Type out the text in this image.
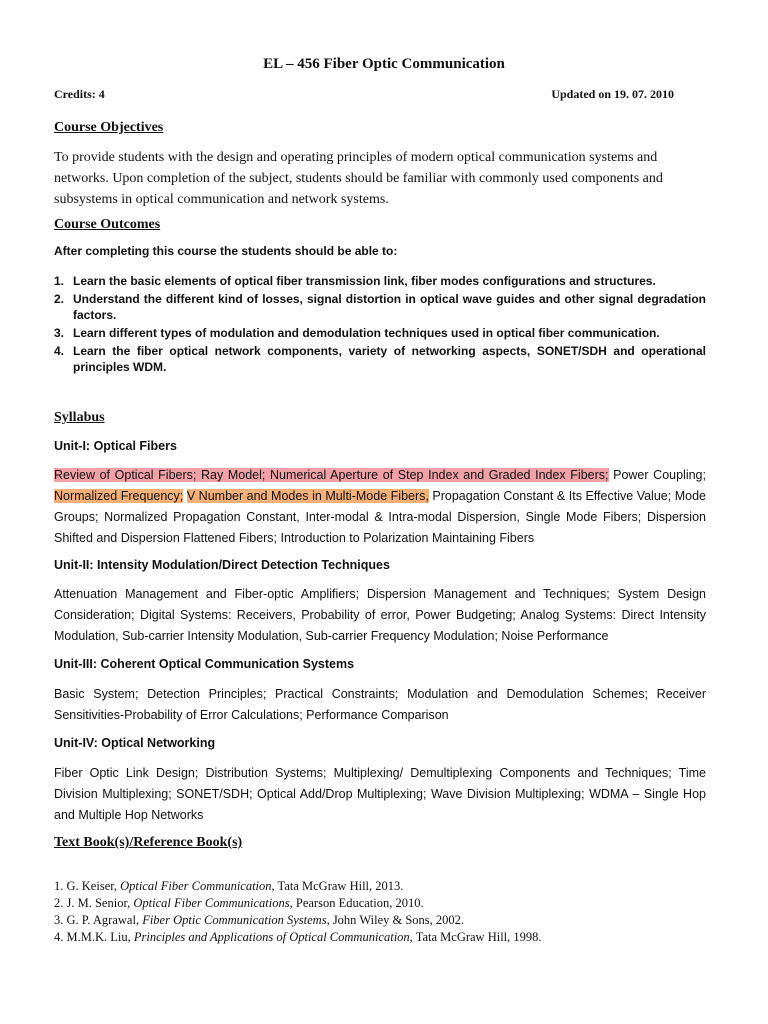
EL – 456 Fiber Optic Communication
Credits: 4	Updated on 19. 07. 2010
Course Objectives
To provide students with the design and operating principles of modern optical communication systems and networks. Upon completion of the subject, students should be familiar with commonly used components and subsystems in optical communication and network systems.
Course Outcomes
After completing this course the students should be able to:
1. Learn the basic elements of optical fiber transmission link, fiber modes configurations and structures.
2. Understand the different kind of losses, signal distortion in optical wave guides and other signal degradation factors.
3. Learn different types of modulation and demodulation techniques used in optical fiber communication.
4. Learn the fiber optical network components, variety of networking aspects, SONET/SDH and operational principles WDM.
Syllabus
Unit-I: Optical Fibers
Review of Optical Fibers; Ray Model; Numerical Aperture of Step Index and Graded Index Fibers; Power Coupling; Normalized Frequency; V Number and Modes in Multi-Mode Fibers, Propagation Constant & Its Effective Value; Mode Groups; Normalized Propagation Constant, Inter-modal & Intra-modal Dispersion, Single Mode Fibers; Dispersion Shifted and Dispersion Flattened Fibers; Introduction to Polarization Maintaining Fibers
Unit-II: Intensity Modulation/Direct Detection Techniques
Attenuation Management and Fiber-optic Amplifiers; Dispersion Management and Techniques; System Design Consideration; Digital Systems: Receivers, Probability of error, Power Budgeting; Analog Systems: Direct Intensity Modulation, Sub-carrier Intensity Modulation, Sub-carrier Frequency Modulation; Noise Performance
Unit-III: Coherent Optical Communication Systems
Basic System; Detection Principles; Practical Constraints; Modulation and Demodulation Schemes; Receiver Sensitivities-Probability of Error Calculations; Performance Comparison
Unit-IV: Optical Networking
Fiber Optic Link Design; Distribution Systems; Multiplexing/ Demultiplexing Components and Techniques; Time Division Multiplexing; SONET/SDH; Optical Add/Drop Multiplexing; Wave Division Multiplexing; WDMA – Single Hop and Multiple Hop Networks
Text Book(s)/Reference Book(s)
1. G. Keiser, Optical Fiber Communication, Tata McGraw Hill, 2013.
2. J. M. Senior, Optical Fiber Communications, Pearson Education, 2010.
3. G. P. Agrawal, Fiber Optic Communication Systems, John Wiley & Sons, 2002.
4. M.M.K. Liu, Principles and Applications of Optical Communication, Tata McGraw Hill, 1998.
